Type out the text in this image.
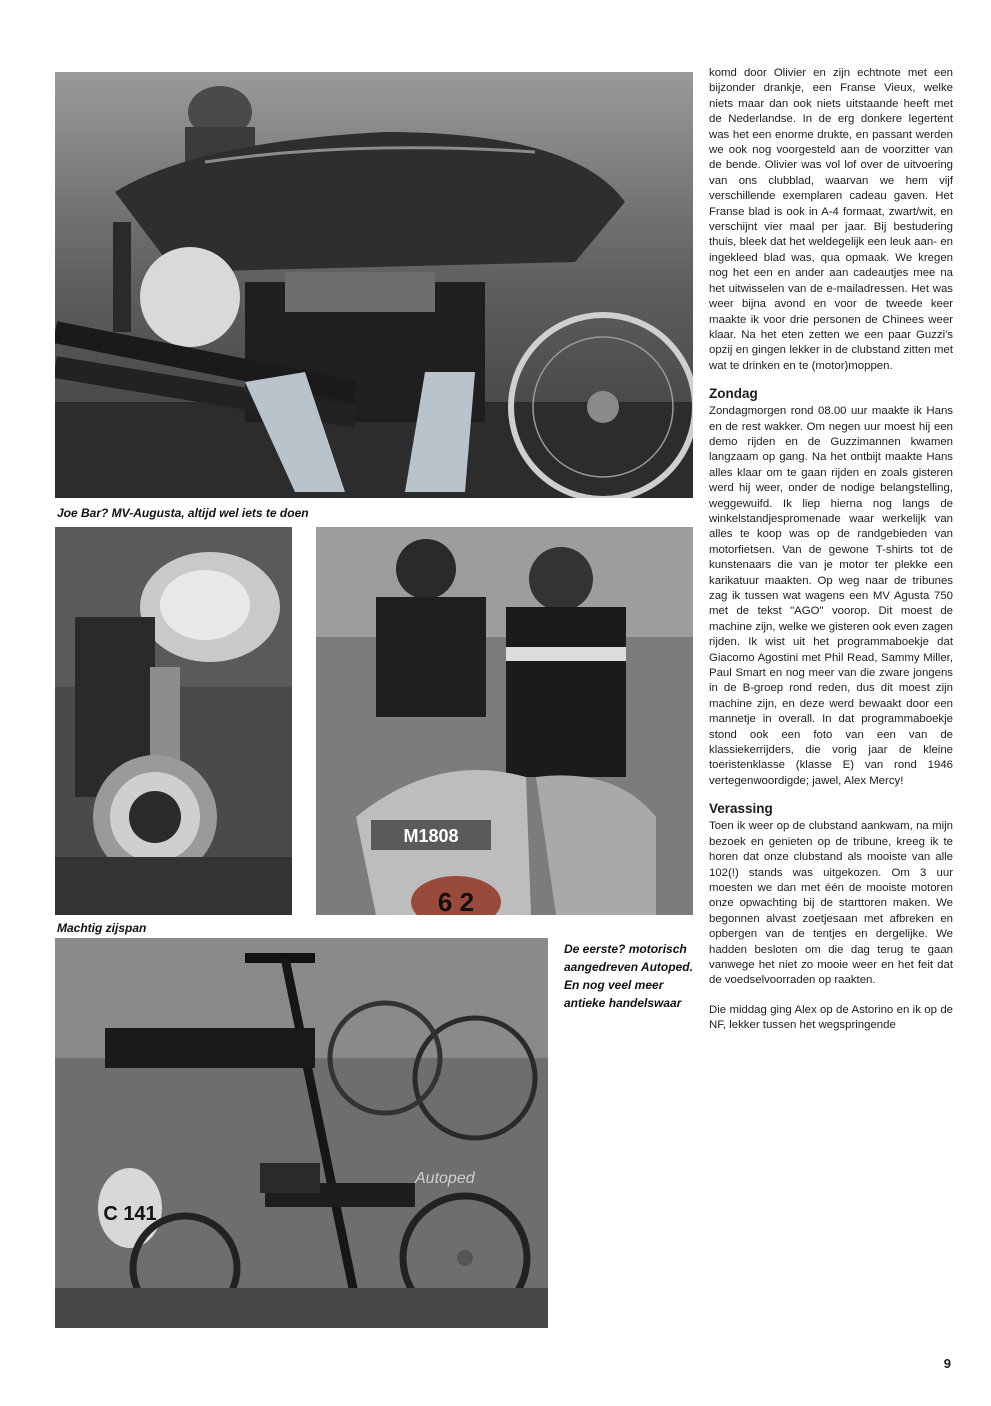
Joe Bar? MV-Augusta, altijd wel iets te doen
Machtig zijspan
M1808
6 2
Autoped
C 141
De eerste? motorisch aangedreven Autoped. En nog veel meer antieke handelswaar

komd door Olivier en zijn echtnote met een bijzonder drankje, een Franse Vieux, welke niets maar dan ook niets uitstaande heeft met de Nederlandse. In de erg donkere legertent was het een enorme drukte, en passant werden we ook nog voorgesteld aan de voorzitter van de bende. Olivier was vol lof over de uitvoering van ons clubblad, waarvan we hem vijf verschillende exemplaren cadeau gaven. Het Franse blad is ook in A-4 formaat, zwart/wit, en verschijnt vier maal per jaar. Bij bestudering thuis, bleek dat het weldegelijk een leuk aan- en ingekleed blad was, qua opmaak. We kregen nog het een en ander aan cadeautjes mee na het uitwisselen van de e-mailadressen. Het was weer bijna avond en voor de tweede keer maakte ik voor drie personen de Chinees weer klaar. Na het eten zetten we een paar Guzzi's opzij en gingen lekker in de clubstand zitten met wat te drinken en te (motor)moppen.

Zondag

Zondagmorgen rond 08.00 uur maakte ik Hans en de rest wakker. Om negen uur moest hij een demo rijden en de Guzzimannen kwamen langzaam op gang. Na het ontbijt maakte Hans alles klaar om te gaan rijden en zoals gisteren werd hij weer, onder de nodige belangstelling, weggewuifd. Ik liep hierna nog langs de winkelstandjespromenade waar werkelijk van alles te koop was op de randgebieden van motorfietsen. Van de gewone T-shirts tot de kunstenaars die van je motor ter plekke een karikatuur maakten. Op weg naar de tribunes zag ik tussen wat wagens een MV Agusta 750 met de tekst "AGO" voorop. Dit moest de machine zijn, welke we gisteren ook even zagen rijden. Ik wist uit het programmaboekje dat Giacomo Agostini met Phil Read, Sammy Miller, Paul Smart en nog meer van die zware jongens in de B-groep rond reden, dus dit moest zijn machine zijn, en deze werd bewaakt door een mannetje in overall. In dat programmaboekje stond ook een foto van een van de klassiekerrijders, die vorig jaar de kleine toeristenklasse (klasse E) van rond 1946 vertegenwoordigde; jawel, Alex Mercy!

Verassing

Toen ik weer op de clubstand aankwam, na mijn bezoek en genieten op de tribune, kreeg ik te horen dat onze clubstand als mooiste van alle 102(!) stands was uitgekozen. Om 3 uur moesten we dan met één de mooiste motoren onze opwachting bij de starttoren maken. We begonnen alvast zoetjesaan met afbreken en opbergen van de tentjes en dergelijke. We hadden besloten om die dag terug te gaan vanwege het niet zo mooie weer en het feit dat de voedselvoorraden op raakten.

Die middag ging Alex op de Astorino en ik op de NF, lekker tussen het wegspringende

9
